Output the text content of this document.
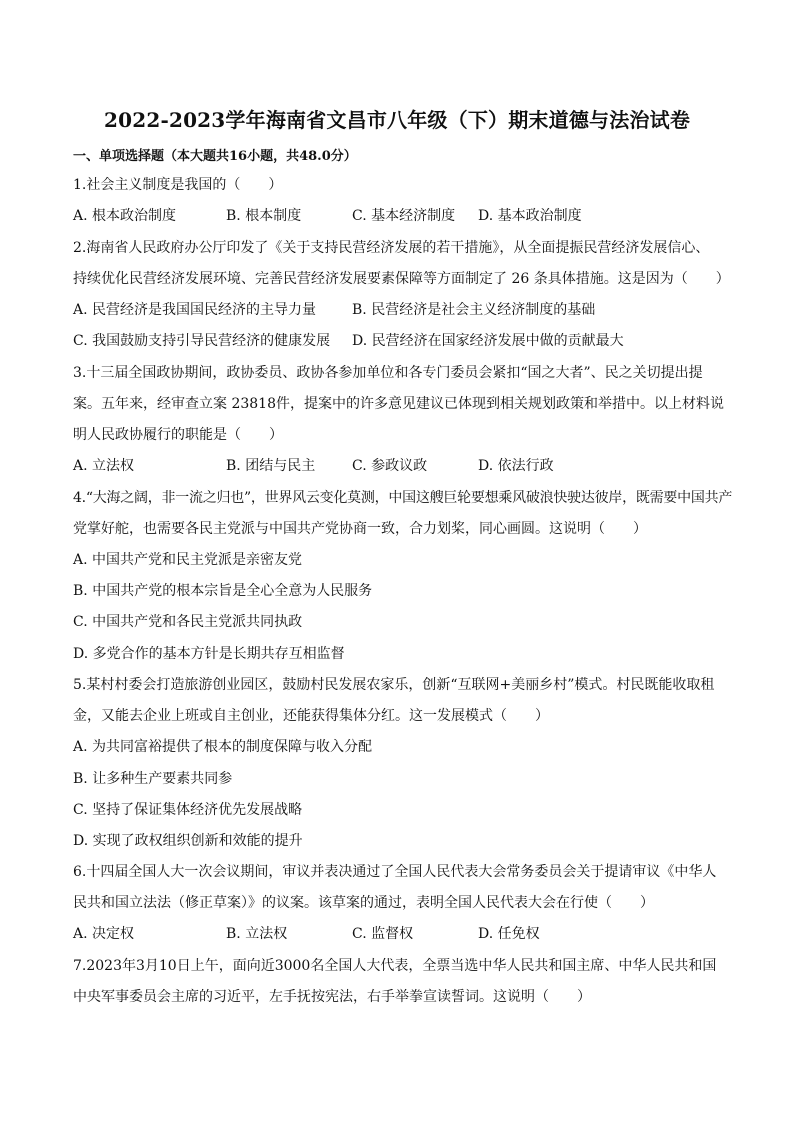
2022-2023学年海南省文昌市八年级（下）期末道德与法治试卷
一、单项选择题（本大题共16小题，共48.0分）
1.社会主义制度是我国的（　　）
A. 根本政治制度	B. 根本制度	C. 基本经济制度 D. 基本政治制度
2.海南省人民政府办公厅印发了《关于支持民营经济发展的若干措施》，从全面提振民营经济发展信心、
持续优化民营经济发展环境、完善民营经济发展要素保障等方面制定了 26 条具体措施。这是因为（　　）
A. 民营经济是我国国民经济的主导力量	B. 民营经济是社会主义经济制度的基础
C. 我国鼓励支持引导民营经济的健康发展 D. 民营经济在国家经济发展中做的贡献最大
3.十三届全国政协期间，政协委员、政协各参加单位和各专门委员会紧扣“国之大者”、民之关切提出提
案。五年来，经审查立案 23818件，提案中的许多意见建议已体现到相关规划政策和举措中。以上材料说
明人民政协履行的职能是（　　）
A. 立法权	B. 团结与民主	C. 参政议政	D. 依法行政
4.“大海之阔，非一流之归也”，世界风云变化莫测，中国这艘巨轮要想乘风破浪快驶达彼岸，既需要中国共产
党掌好舵，也需要各民主党派与中国共产党协商一致，合力划桨，同心画圆。这说明（　　）
A. 中国共产党和民主党派是亲密友党
B. 中国共产党的根本宗旨是全心全意为人民服务
C. 中国共产党和各民主党派共同执政
D. 多党合作的基本方针是长期共存互相监督
5.某村村委会打造旅游创业园区，鼓励村民发展农家乐，创新“互联网+美丽乡村”模式。村民既能收取租
金，又能去企业上班或自主创业，还能获得集体分红。这一发展模式（　　）
A. 为共同富裕提供了根本的制度保障与收入分配
B. 让多种生产要素共同参
C. 坚持了保证集体经济优先发展战略
D. 实现了政权组织创新和效能的提升
6.十四届全国人大一次会议期间，审议并表决通过了全国人民代表大会常务委员会关于提请审议《中华人
民共和国立法法（修正草案）》的议案。该草案的通过，表明全国人民代表大会在行使（　　）
A. 决定权	B. 立法权	C. 监督权	D. 任免权
7.2023年3月10日上午，面向近3000名全国人大代表，全票当选中华人民共和国主席、中华人民共和国
中央军事委员会主席的习近平，左手抚按宪法，右手举拳宣读誓词。这说明（　　）
